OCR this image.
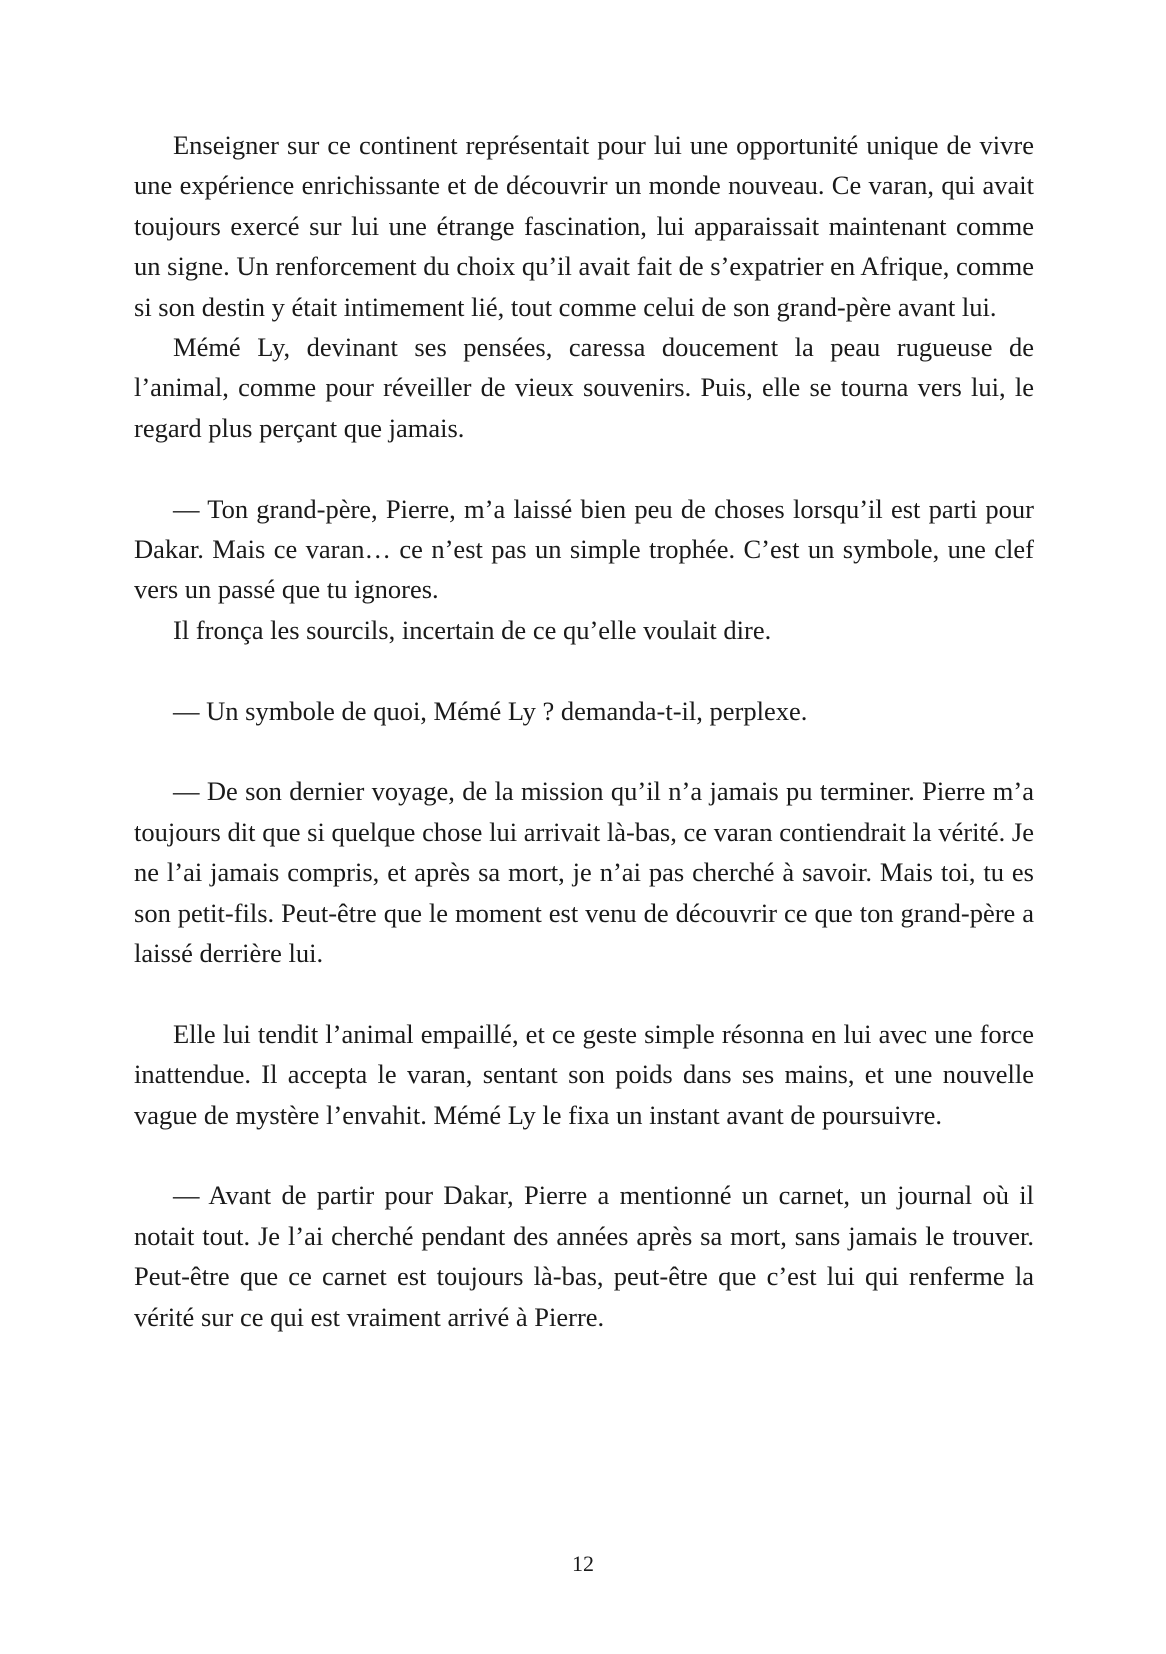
Enseigner sur ce continent représentait pour lui une opportunité unique de vivre une expérience enrichissante et de découvrir un monde nouveau. Ce varan, qui avait toujours exercé sur lui une étrange fascination, lui apparaissait maintenant comme un signe. Un renforcement du choix qu’il avait fait de s’expatrier en Afrique, comme si son destin y était intimement lié, tout comme celui de son grand-père avant lui.

Mémé Ly, devinant ses pensées, caressa doucement la peau rugueuse de l’animal, comme pour réveiller de vieux souvenirs. Puis, elle se tourna vers lui, le regard plus perçant que jamais.

— Ton grand-père, Pierre, m’a laissé bien peu de choses lorsqu’il est parti pour Dakar. Mais ce varan… ce n’est pas un simple trophée. C’est un symbole, une clef vers un passé que tu ignores.

Il fronça les sourcils, incertain de ce qu’elle voulait dire.

— Un symbole de quoi, Mémé Ly ? demanda-t-il, perplexe.

— De son dernier voyage, de la mission qu’il n’a jamais pu terminer. Pierre m’a toujours dit que si quelque chose lui arrivait là-bas, ce varan contiendrait la vérité. Je ne l’ai jamais compris, et après sa mort, je n’ai pas cherché à savoir. Mais toi, tu es son petit-fils. Peut-être que le moment est venu de découvrir ce que ton grand-père a laissé derrière lui.

Elle lui tendit l’animal empaillé, et ce geste simple résonna en lui avec une force inattendue. Il accepta le varan, sentant son poids dans ses mains, et une nouvelle vague de mystère l’envahit. Mémé Ly le fixa un instant avant de poursuivre.

— Avant de partir pour Dakar, Pierre a mentionné un carnet, un journal où il notait tout. Je l’ai cherché pendant des années après sa mort, sans jamais le trouver. Peut-être que ce carnet est toujours là-bas, peut-être que c’est lui qui renferme la vérité sur ce qui est vraiment arrivé à Pierre.

12
